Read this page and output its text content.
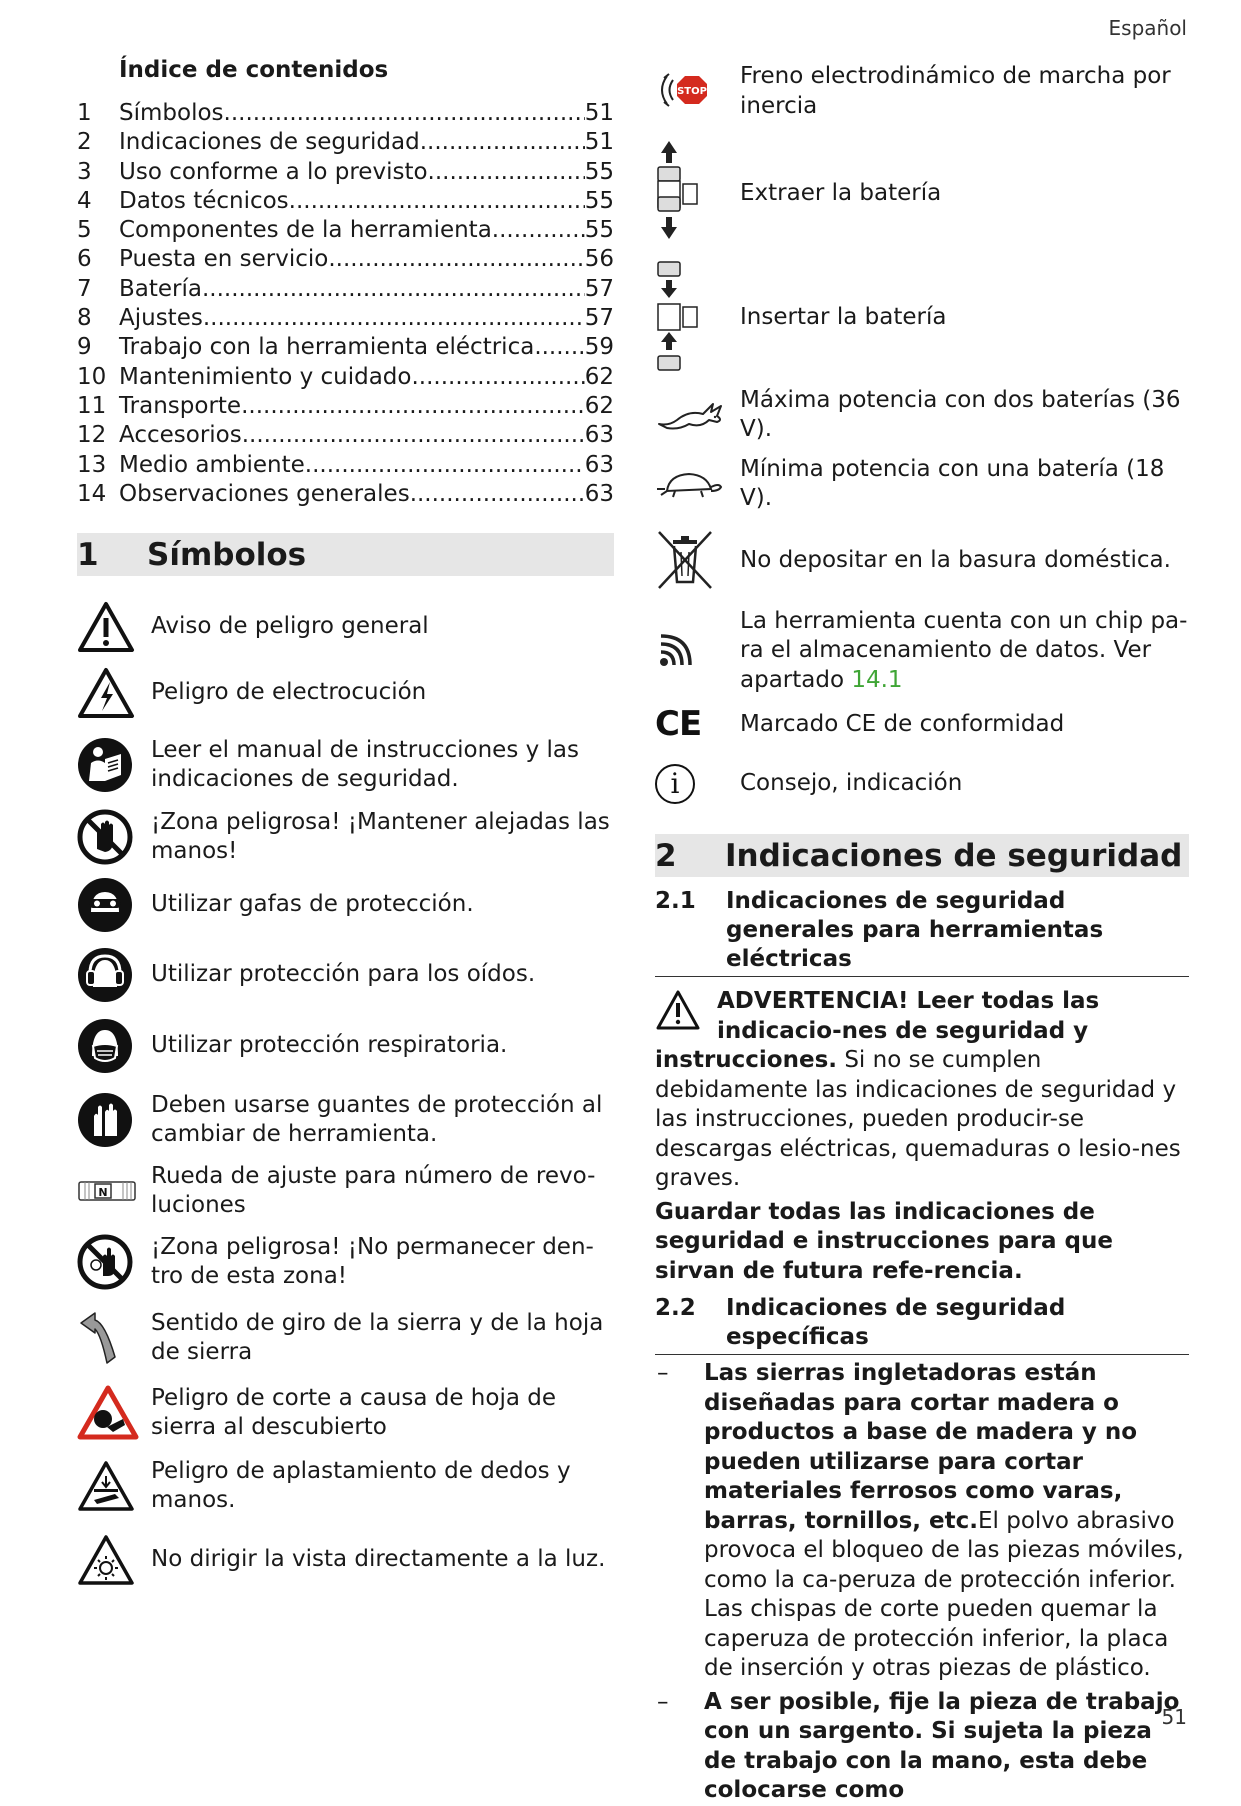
Español
Índice de contenidos
1	Símbolos .....	51
2	Indicaciones de seguridad .....	51
3	Uso conforme a lo previsto .....	55
4	Datos técnicos .....	55
5	Componentes de la herramienta .....	55
6	Puesta en servicio .....	56
7	Batería .....	57
8	Ajustes .....	57
9	Trabajo con la herramienta eléctrica ..... 59
10 Mantenimiento y cuidado .....	62
11 Transporte .....	62
12 Accesorios .....	63
13 Medio ambiente .....	63
14 Observaciones generales .....	63
1	Símbolos
Aviso de peligro general
Peligro de electrocución
Leer el manual de instrucciones y las indicaciones de seguridad.
¡Zona peligrosa! ¡Mantener alejadas las manos!
Utilizar gafas de protección.
Utilizar protección para los oídos.
Utilizar protección respiratoria.
Deben usarse guantes de protección al cambiar de herramienta.
N
Rueda de ajuste para número de revo-luciones
¡Zona peligrosa! ¡No permanecer den-tro de esta zona!
Sentido de giro de la sierra y de la hoja de sierra
Peligro de corte a causa de hoja de sierra al descubierto
Peligro de aplastamiento de dedos y manos.
No dirigir la vista directamente a la luz.
STOP
Freno electrodinámico de marcha por inercia
Extraer la batería
Insertar la batería
Máxima potencia con dos baterías (36 V).
Mínima potencia con una batería (18 V).
No depositar en la basura doméstica.
La herramienta cuenta con un chip pa-ra el almacenamiento de datos. Ver apartado 14.1
CE Marcado CE de conformidad
i	Consejo, indicación
2	Indicaciones de seguridad
2.1	Indicaciones de seguridad generales para herramientas eléctricas
ADVERTENCIA! Leer todas las indicacio-nes de seguridad y instrucciones. Si no se cumplen debidamente las indicaciones de seguridad y las instrucciones, pueden producir-se descargas eléctricas, quemaduras o lesio-nes graves.
Guardar todas las indicaciones de seguridad e instrucciones para que sirvan de futura refe-rencia.
2.2	Indicaciones de seguridad específicas
–	Las sierras ingletadoras están diseñadas para cortar madera o productos a base de madera y no pueden utilizarse para cortar materiales ferrosos como varas, barras, tornillos, etc.El polvo abrasivo provoca el bloqueo de las piezas móviles, como la ca-peruza de protección inferior. Las chispas de corte pueden quemar la caperuza de protección inferior, la placa de inserción y otras piezas de plástico.
–	A ser posible, fije la pieza de trabajo con un sargento. Si sujeta la pieza de trabajo con la mano, esta debe colocarse como
51
